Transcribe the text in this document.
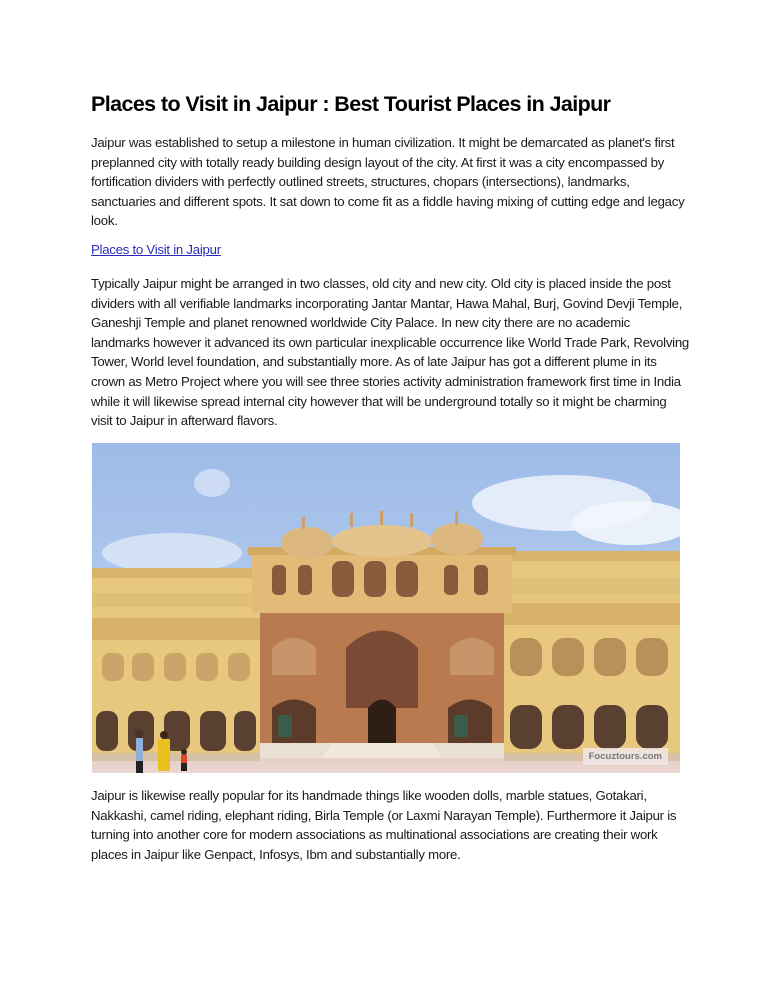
Places to Visit in Jaipur : Best Tourist Places in Jaipur

Jaipur was established to setup a milestone in human civilization. It might be demarcated as planet's first preplanned city with totally ready building design layout of the city. At first it was a city encompassed by fortification dividers with perfectly outlined streets, structures, chopars (intersections), landmarks, sanctuaries and different spots. It sat down to come fit as a fiddle having mixing of cutting edge and legacy look.

Places to Visit in Jaipur

Typically Jaipur might be arranged in two classes, old city and new city. Old city is placed inside the post dividers with all verifiable landmarks incorporating Jantar Mantar, Hawa Mahal, Burj, Govind Devji Temple, Ganeshji Temple and planet renowned worldwide City Palace. In new city there are no academic landmarks however it advanced its own particular inexplicable occurrence like World Trade Park, Revolving Tower, World level foundation, and substantially more. As of late Jaipur has got a different plume in its crown as Metro Project where you will see three stories activity administration framework first time in India while it will likewise spread internal city however that will be underground totally so it might be charming visit to Jaipur in afterward flavors.

Focuztours.com

Jaipur is likewise really popular for its handmade things like wooden dolls, marble statues, Gotakari, Nakkashi, camel riding, elephant riding, Birla Temple (or Laxmi Narayan Temple). Furthermore it Jaipur is turning into another core for modern associations as multinational associations are creating their work places in Jaipur like Genpact, Infosys, Ibm and substantially more.
